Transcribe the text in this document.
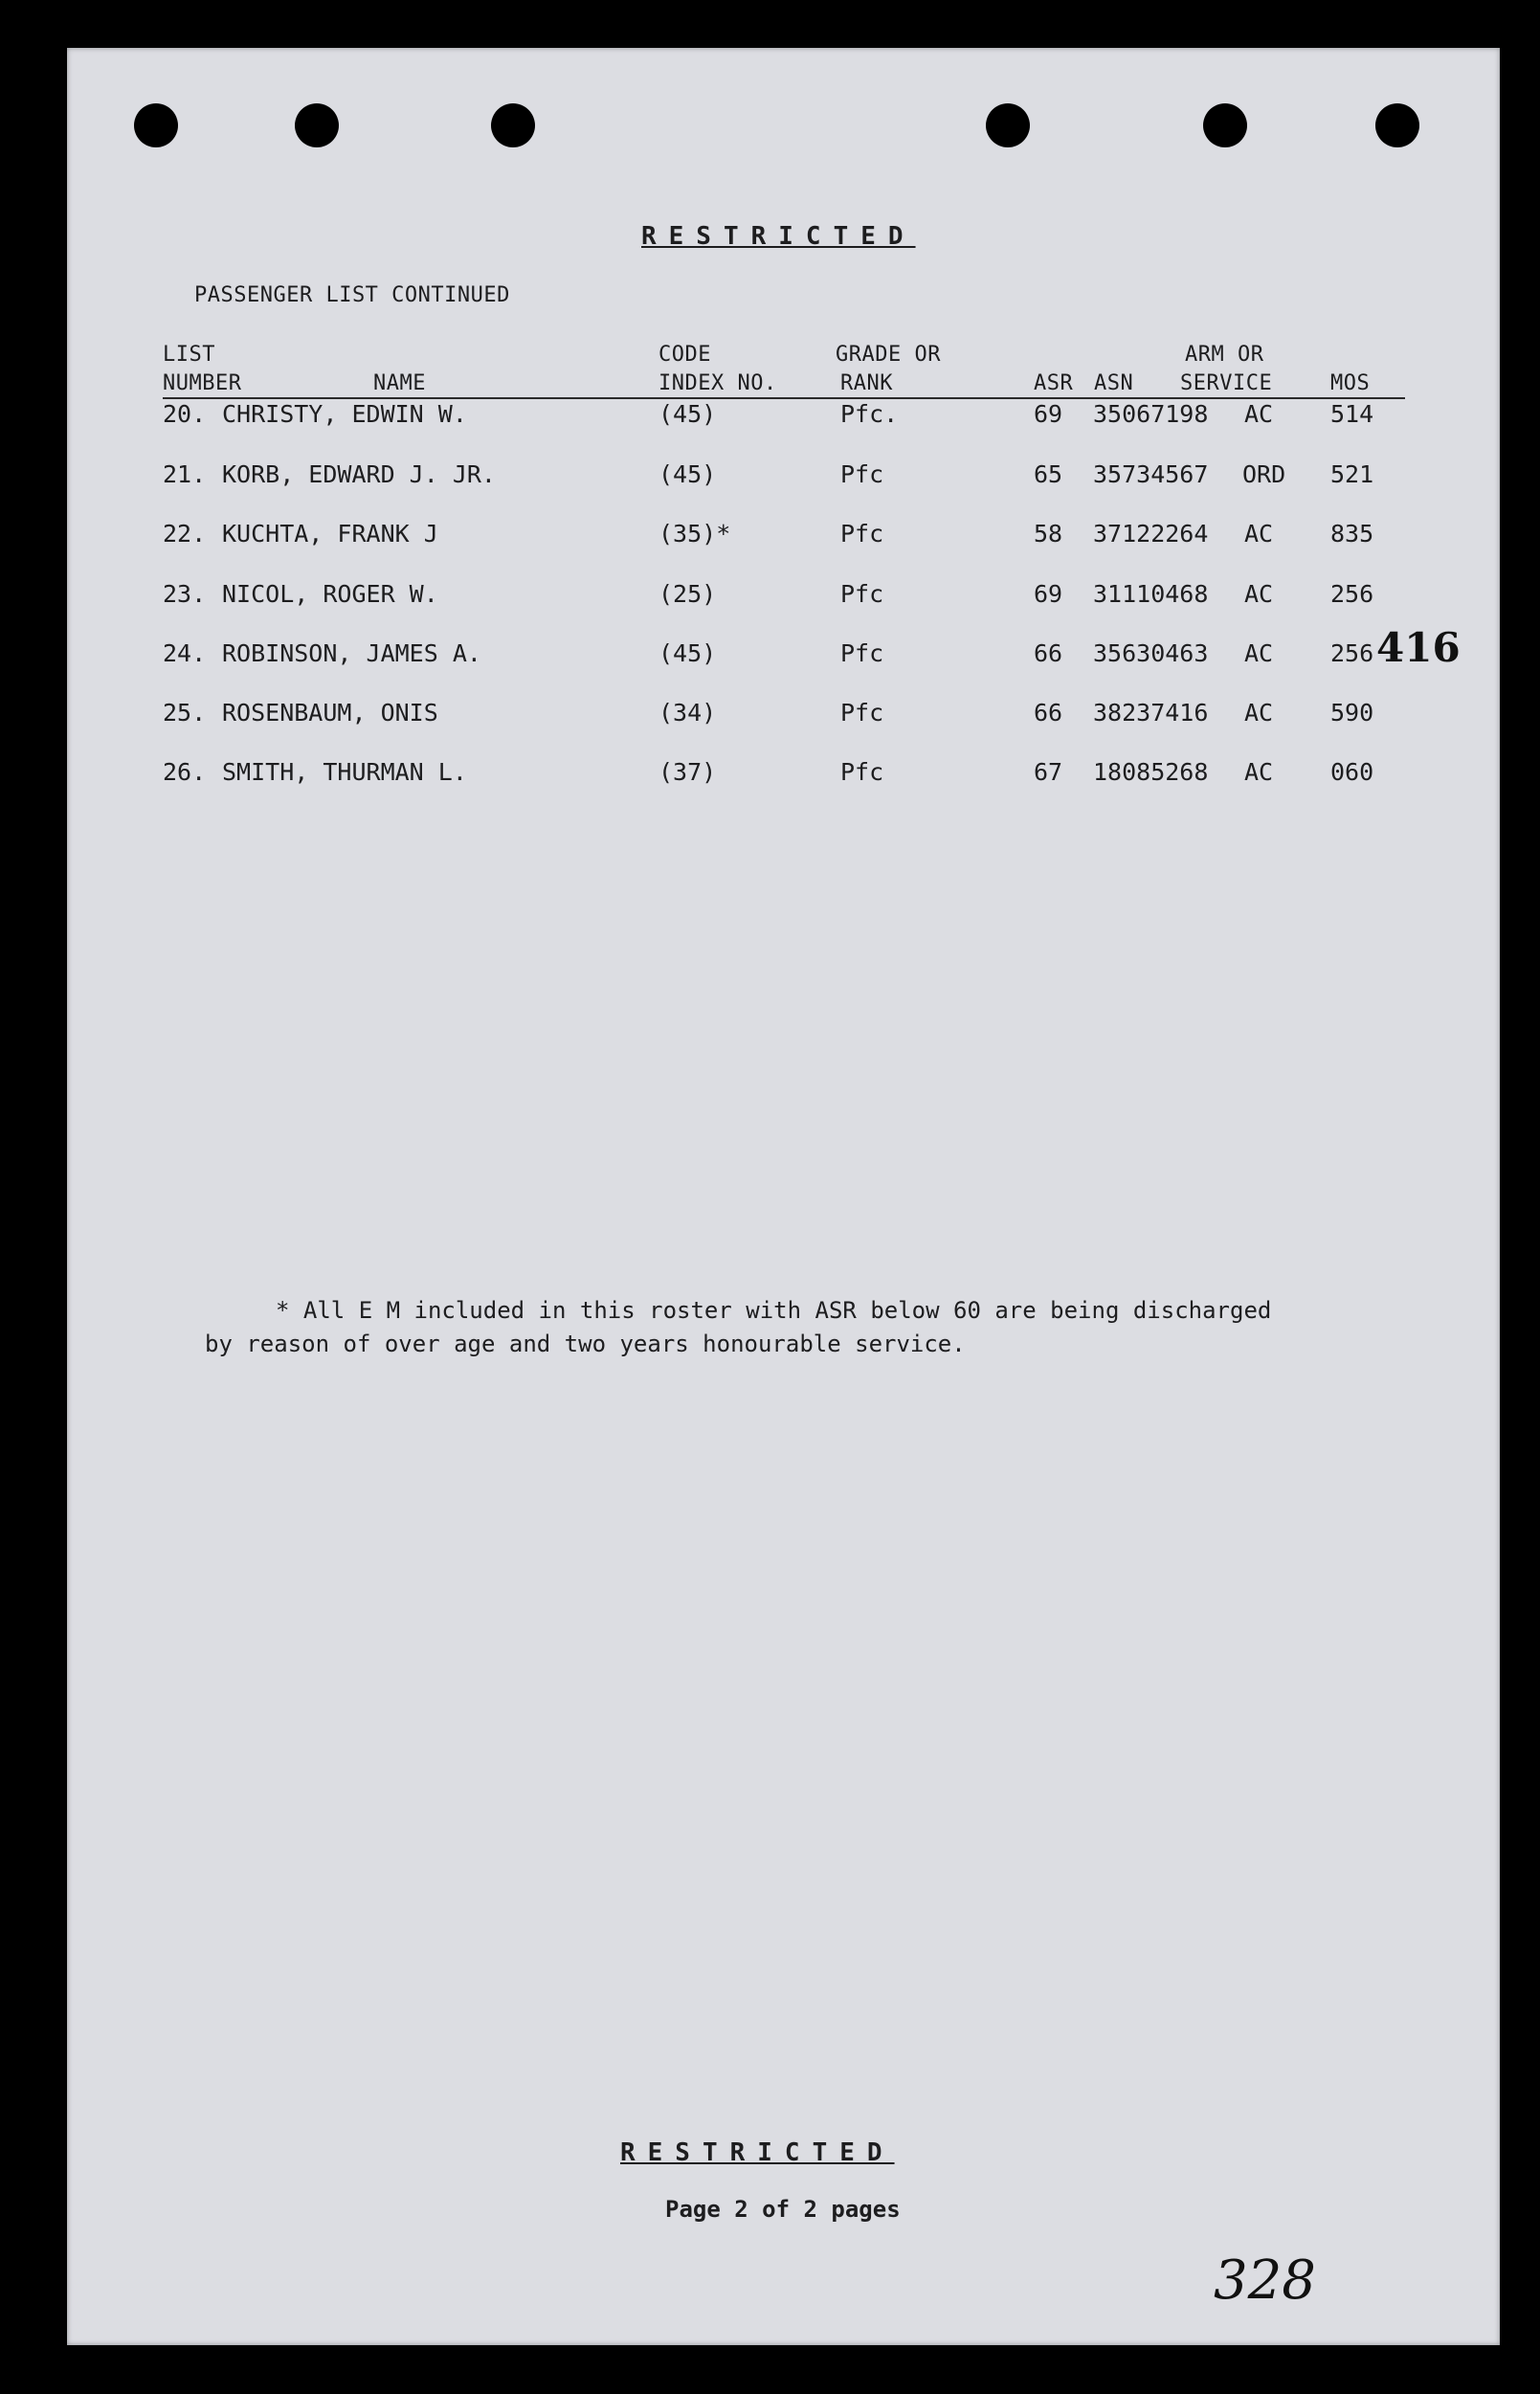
RESTRICTED
PASSENGER LIST CONTINUED
LIST
NUMBER	NAME
CODE
INDEX NO.
GRADE OR
RANK	ASR ASN
ARM OR
SERVICE	MOS
20. CHRISTY, EDWIN W.	(45)	Pfc.	69 35067198 AC 514
21. KORB, EDWARD J. JR.	(45)	Pfc	65 35734567 ORD 521
22. KUCHTA, FRANK J	(35)*	Pfc	58 37122264 AC 835
23. NICOL, ROGER W.	(25)	Pfc	69 31110468 AC 256
24. ROBINSON, JAMES A.	(45)	Pfc	66 35630463 AC 256
25. ROSENBAUM, ONIS	(34)	Pfc	66 38237416 AC 590
26. SMITH, THURMAN L.	(37)	Pfc	67 18085268 AC 060
416
* All E M included in this roster with ASR below 60 are being discharged
by reason of over age and two years honourable service.
RESTRICTED
Page 2 of 2 pages
328
